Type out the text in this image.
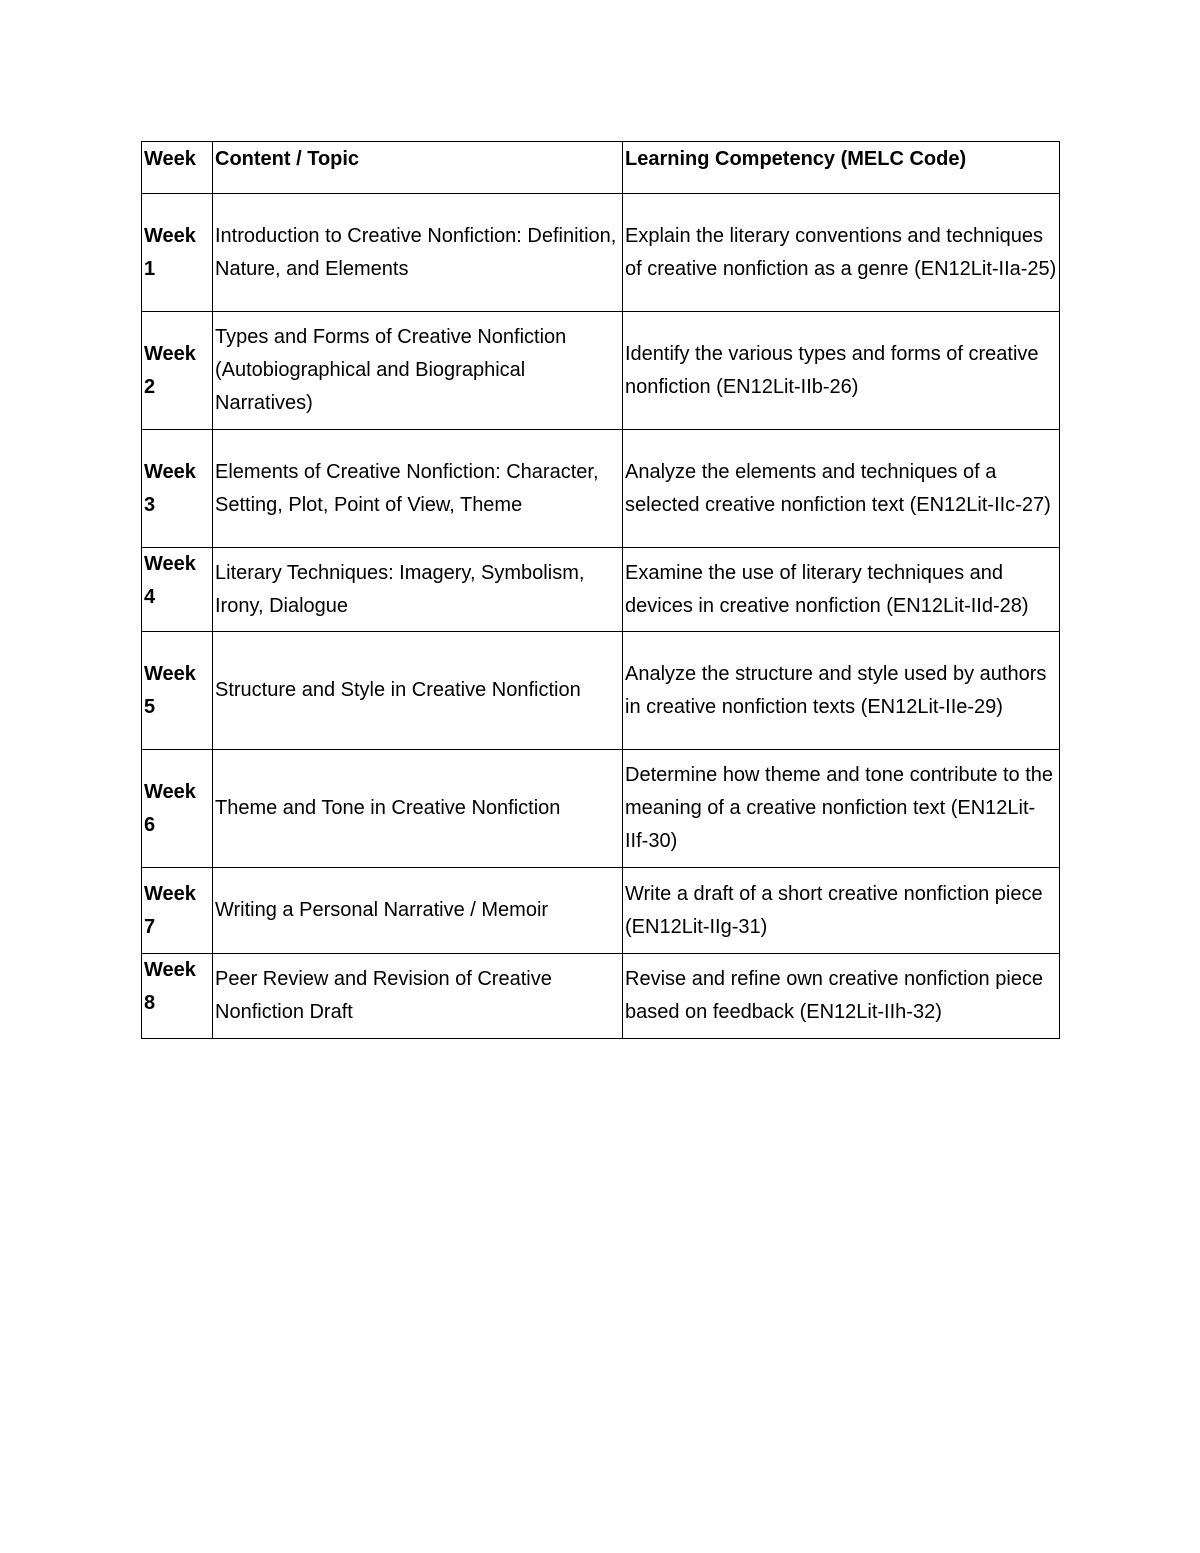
Week	Content / Topic	Learning Competency (MELC Code)
Week 1	Introduction to Creative Nonfiction: Definition, Nature, and Elements	Explain the literary conventions and techniques of creative nonfiction as a genre (EN12Lit-IIa-25)
Week 2	Types and Forms of Creative Nonfiction (Autobiographical and Biographical Narratives)	Identify the various types and forms of creative nonfiction (EN12Lit-IIb-26)
Week 3	Elements of Creative Nonfiction: Character, Setting, Plot, Point of View, Theme	Analyze the elements and techniques of a selected creative nonfiction text (EN12Lit-IIc-27)
Week 4	Literary Techniques: Imagery, Symbolism, Irony, Dialogue	Examine the use of literary techniques and devices in creative nonfiction (EN12Lit-IId-28)
Week 5	Structure and Style in Creative Nonfiction	Analyze the structure and style used by authors in creative nonfiction texts (EN12Lit-IIe-29)
Week 6	Theme and Tone in Creative Nonfiction	Determine how theme and tone contribute to the meaning of a creative nonfiction text (EN12Lit-IIf-30)
Week 7	Writing a Personal Narrative / Memoir	Write a draft of a short creative nonfiction piece (EN12Lit-IIg-31)
Week 8	Peer Review and Revision of Creative Nonfiction Draft	Revise and refine own creative nonfiction piece based on feedback (EN12Lit-IIh-32)
